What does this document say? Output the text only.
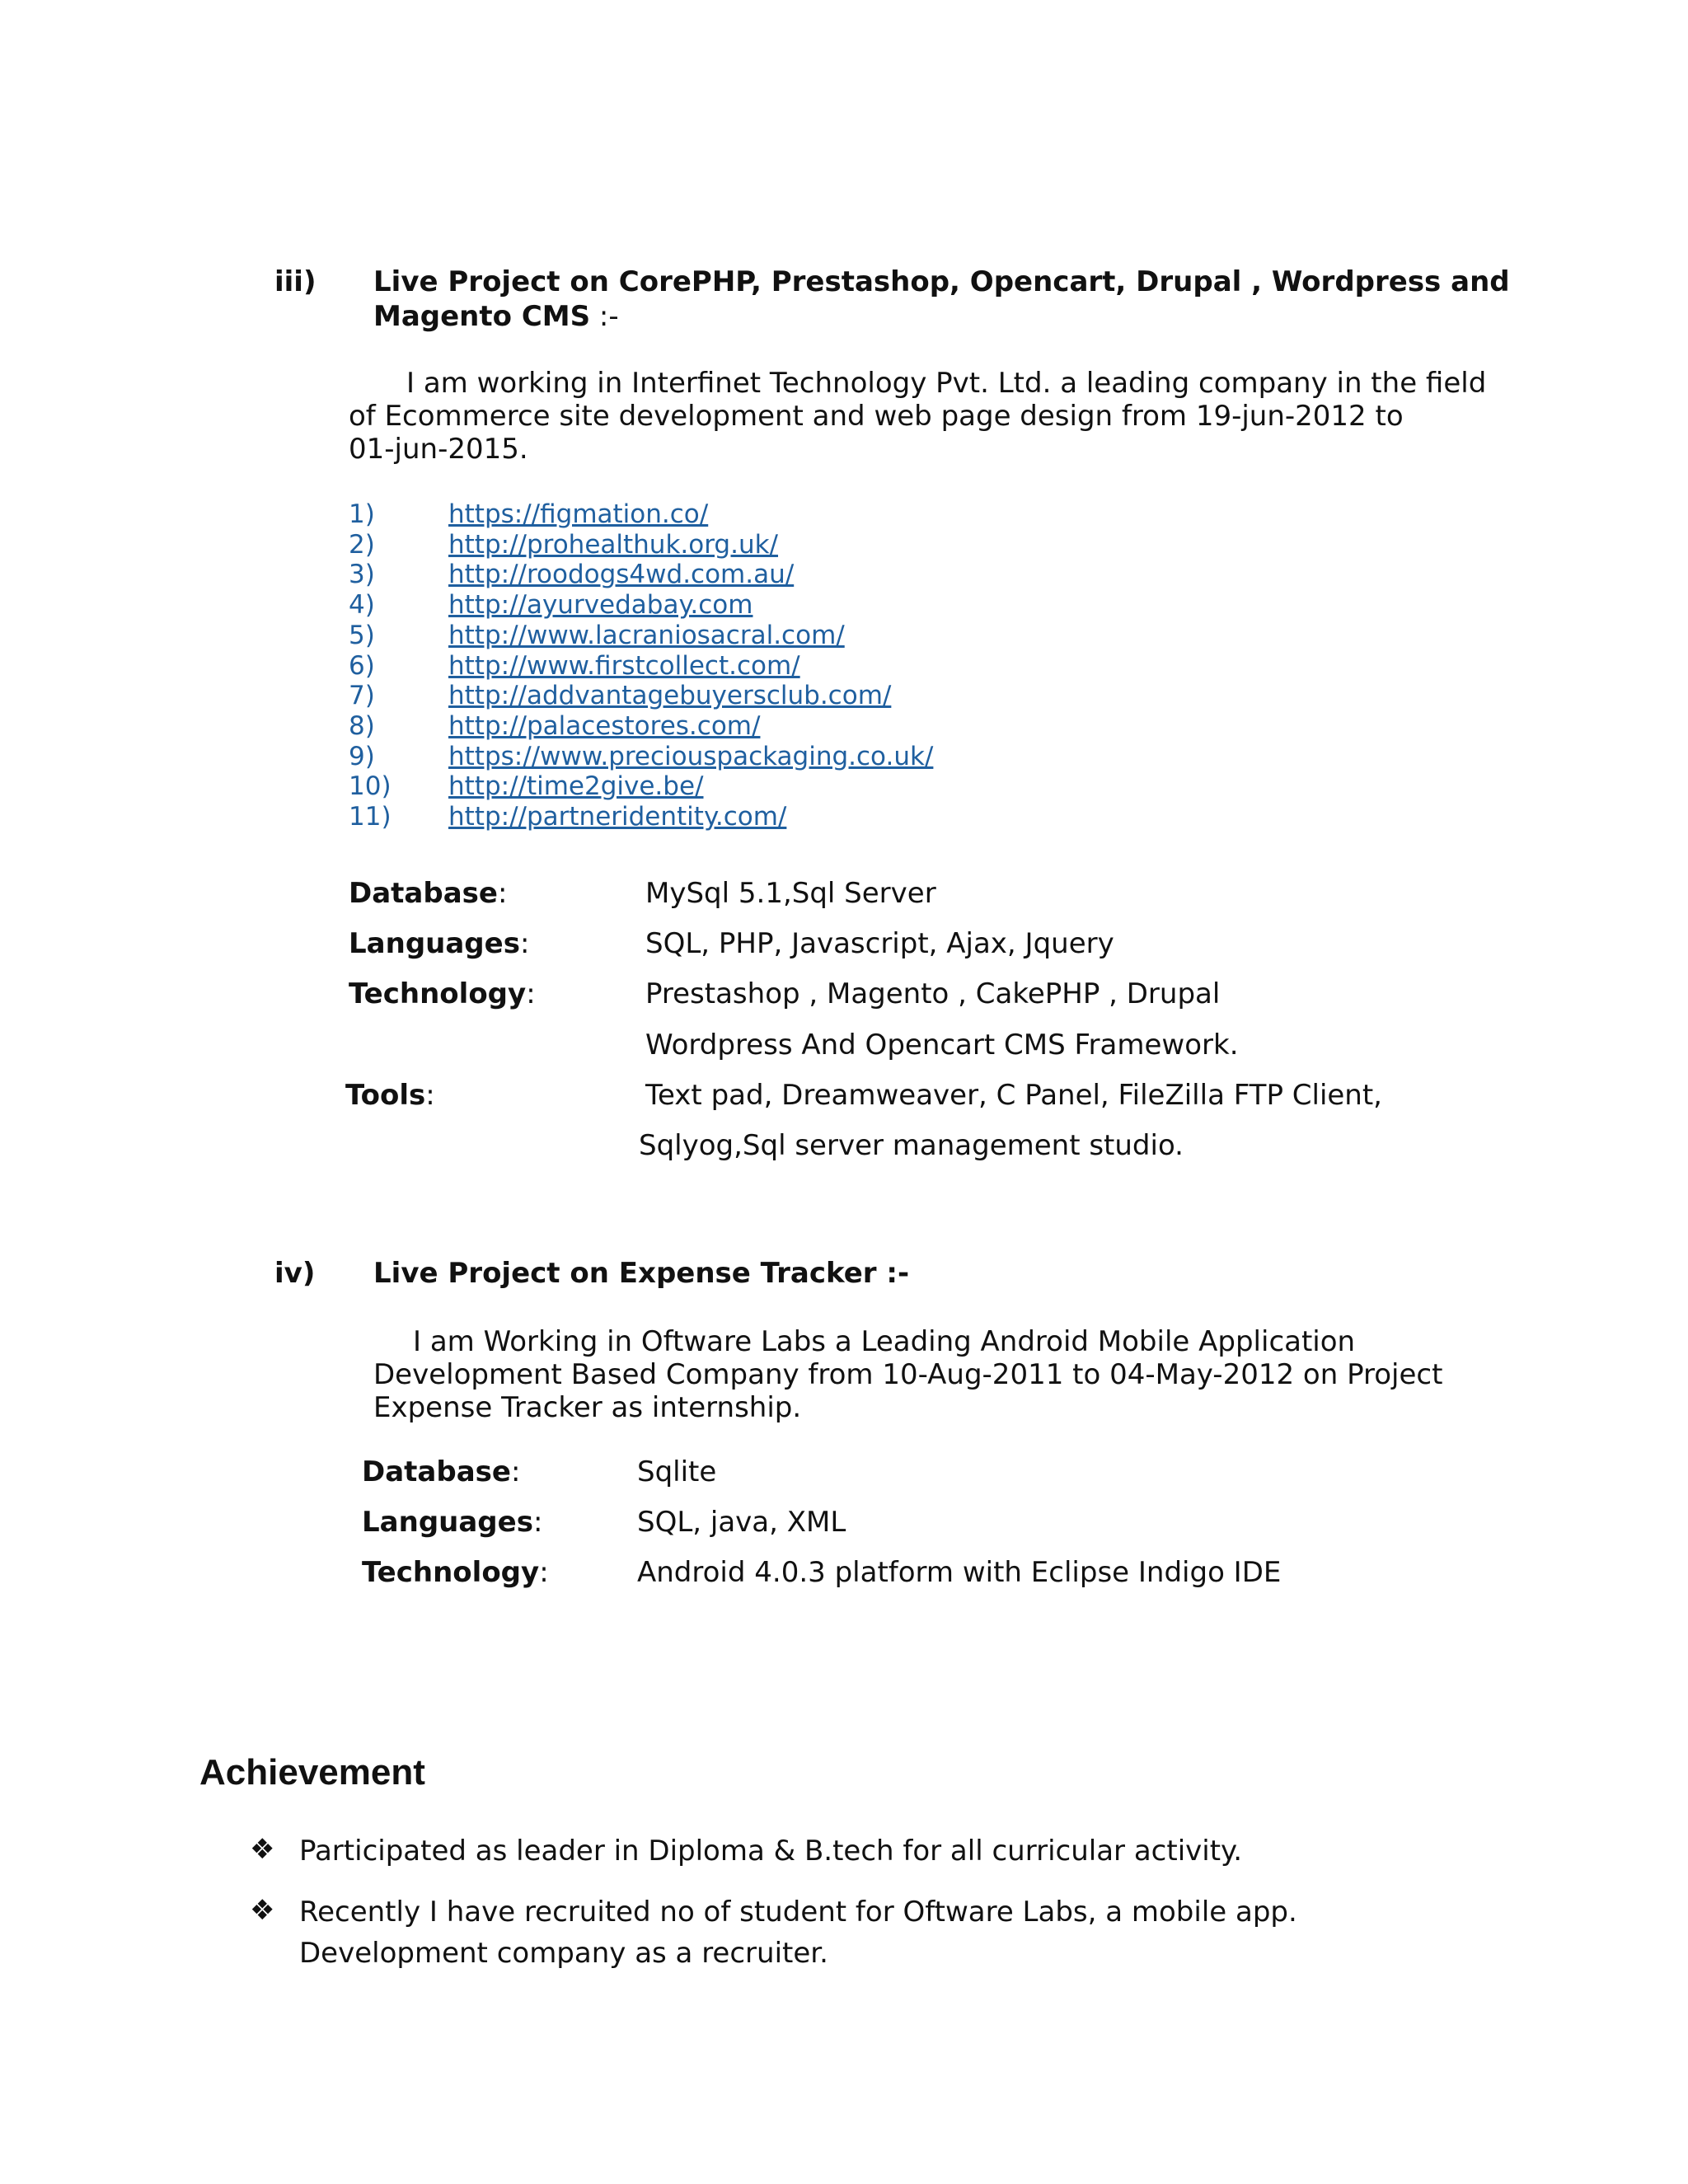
iii) Live Project on CorePHP, Prestashop, Opencart, Drupal , Wordpress and
Magento CMS :-
I am working in Interfinet Technology Pvt. Ltd. a leading company in the field
of Ecommerce site development and web page design from 19-jun-2012 to
01-jun-2015.
1)	https://figmation.co/
2)	http://prohealthuk.org.uk/
3)	http://roodogs4wd.com.au/
4)	http://ayurvedabay.com
5)	http://www.lacraniosacral.com/
6)	http://www.firstcollect.com/
7)	http://addvantagebuyersclub.com/
8)	http://palacestores.com/
9)	https://www.preciouspackaging.co.uk/
10)	http://time2give.be/
11)	http://partneridentity.com/
Database:	MySql 5.1,Sql Server
Languages:	SQL, PHP, Javascript, Ajax, Jquery
Technology:	Prestashop , Magento , CakePHP , Drupal
Wordpress And Opencart CMS Framework.
Tools:	Text pad, Dreamweaver, C Panel, FileZilla FTP Client,
Sqlyog,Sql server management studio.
iv) Live Project on Expense Tracker :-
I am Working in Oftware Labs a Leading Android Mobile Application
Development Based Company from 10-Aug-2011 to 04-May-2012 on Project
Expense Tracker as internship.
Database:	Sqlite
Languages:	SQL, java, XML
Technology:	Android 4.0.3 platform with Eclipse Indigo IDE
Achievement
❖ Participated as leader in Diploma & B.tech for all curricular activity.
❖ Recently I have recruited no of student for Oftware Labs, a mobile app.
Development company as a recruiter.
